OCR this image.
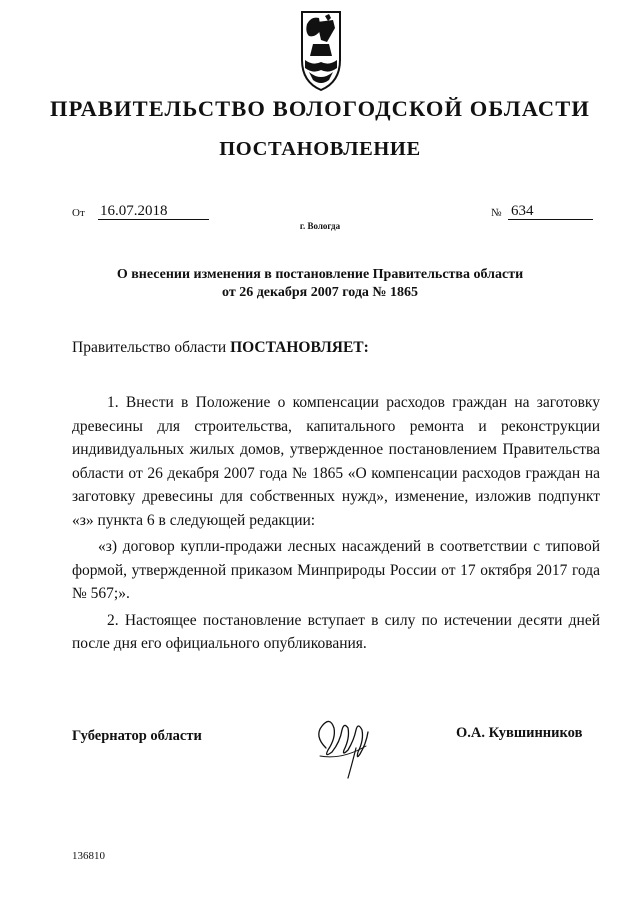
ПРАВИТЕЛЬСТВО ВОЛОГОДСКОЙ ОБЛАСТИ
ПОСТАНОВЛЕНИЕ
От 16.07.2018	№ 634
г. Вологда
О внесении изменения в постановление Правительства области
от 26 декабря 2007 года № 1865
Правительство области ПОСТАНОВЛЯЕТ:

1. Внести в Положение о компенсации расходов граждан на заготовку древесины для строительства, капитального ремонта и реконструкции индивидуальных жилых домов, утвержденное постановлением Правительства области от 26 декабря 2007 года № 1865 «О компенсации расходов граждан на заготовку древесины для собственных нужд», изменение, изложив подпункт «з» пункта 6 в следующей редакции:

«з) договор купли-продажи лесных насаждений в соответствии с типовой формой, утвержденной приказом Минприроды России от 17 октября 2017 года № 567;».

2. Настоящее постановление вступает в силу по истечении десяти дней после дня его официального опубликования.

Губернатор области	О.А. Кувшинников
136810
